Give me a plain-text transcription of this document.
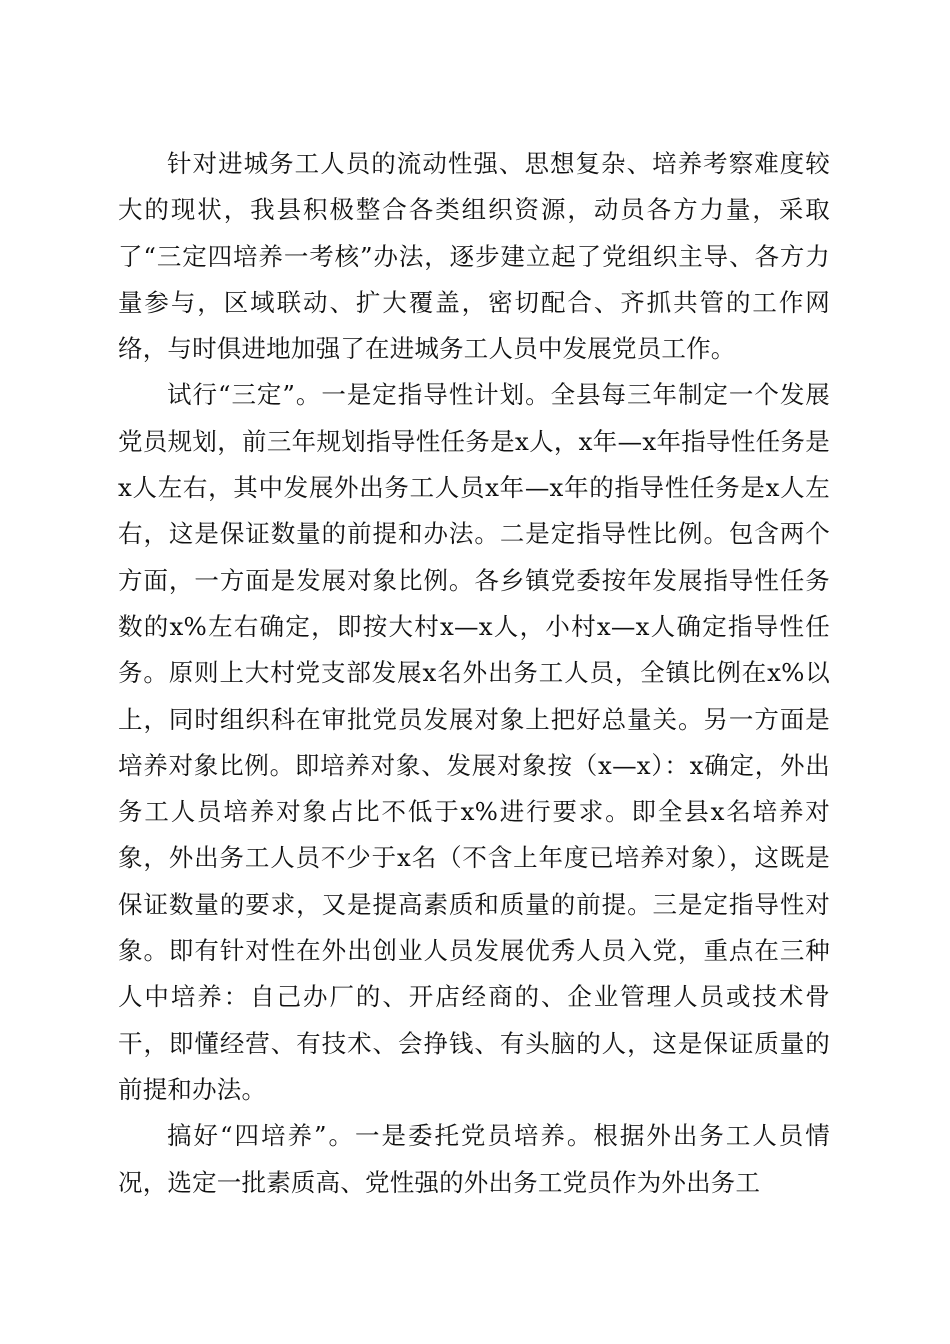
针对进城务工人员的流动性强、思想复杂、培养考察难度较大的现状，我县积极整合各类组织资源，动员各方力量，采取了“三定四培养一考核”办法，逐步建立起了党组织主导、各方力量参与，区域联动、扩大覆盖，密切配合、齐抓共管的工作网络，与时俱进地加强了在进城务工人员中发展党员工作。

试行“三定”。一是定指导性计划。全县每三年制定一个发展党员规划，前三年规划指导性任务是x人，x年—x年指导性任务是x人左右，其中发展外出务工人员x年—x年的指导性任务是x人左右，这是保证数量的前提和办法。二是定指导性比例。包含两个方面，一方面是发展对象比例。各乡镇党委按年发展指导性任务数的x%左右确定，即按大村x—x人，小村x—x人确定指导性任务。原则上大村党支部发展x名外出务工人员，全镇比例在x%以上，同时组织科在审批党员发展对象上把好总量关。另一方面是培养对象比例。即培养对象、发展对象按（x—x）：x确定，外出务工人员培养对象占比不低于x%进行要求。即全县x名培养对象，外出务工人员不少于x名（不含上年度已培养对象），这既是保证数量的要求，又是提高素质和质量的前提。三是定指导性对象。即有针对性在外出创业人员发展优秀人员入党，重点在三种人中培养：自己办厂的、开店经商的、企业管理人员或技术骨干，即懂经营、有技术、会挣钱、有头脑的人，这是保证质量的前提和办法。

搞好“四培养”。一是委托党员培养。根据外出务工人员情况，选定一批素质高、党性强的外出务工党员作为外出务工
